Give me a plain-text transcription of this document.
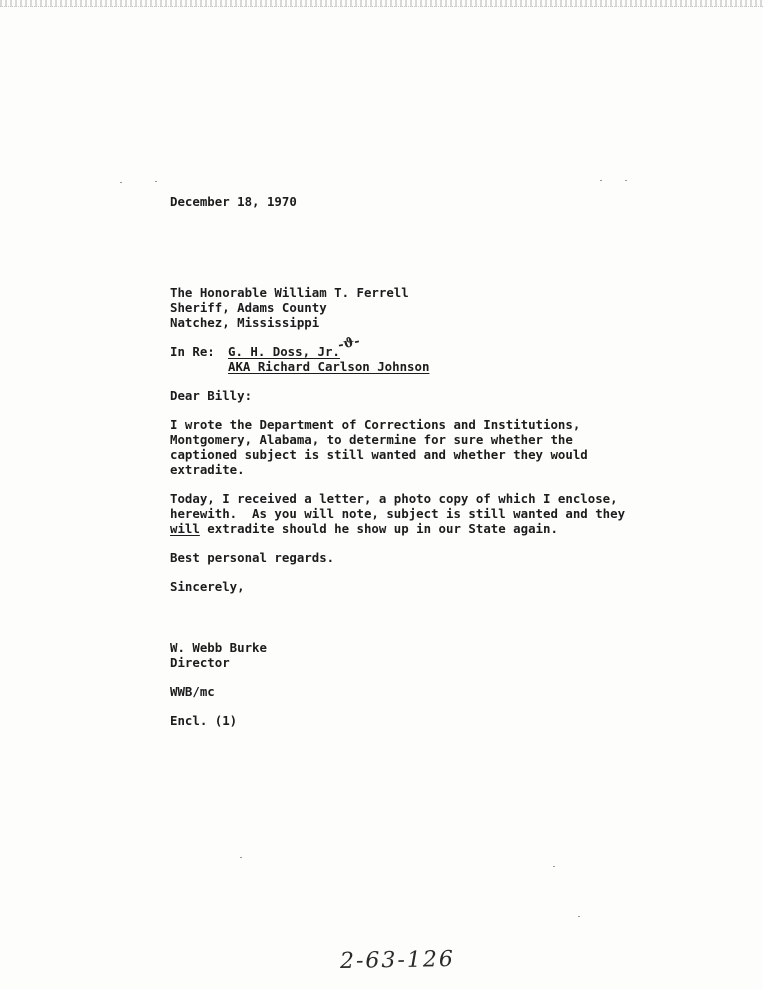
December 18, 1970
The Honorable William T. Ferrell
Sheriff, Adams County
Natchez, Mississippi
In Re:	G. H. Doss, Jr.
AKA Richard Carlson Johnson
-ϑ-
Dear Billy:
I wrote the Department of Corrections and Institutions,
Montgomery, Alabama, to determine for sure whether the
captioned subject is still wanted and whether they would
extradite.
Today, I received a letter, a photo copy of which I enclose,
herewith.  As you will note, subject is still wanted and they
will extradite should he show up in our State again.
Best personal regards.
Sincerely,
W. Webb Burke
Director
WWB/mc
Encl. (1)
2-63-126
